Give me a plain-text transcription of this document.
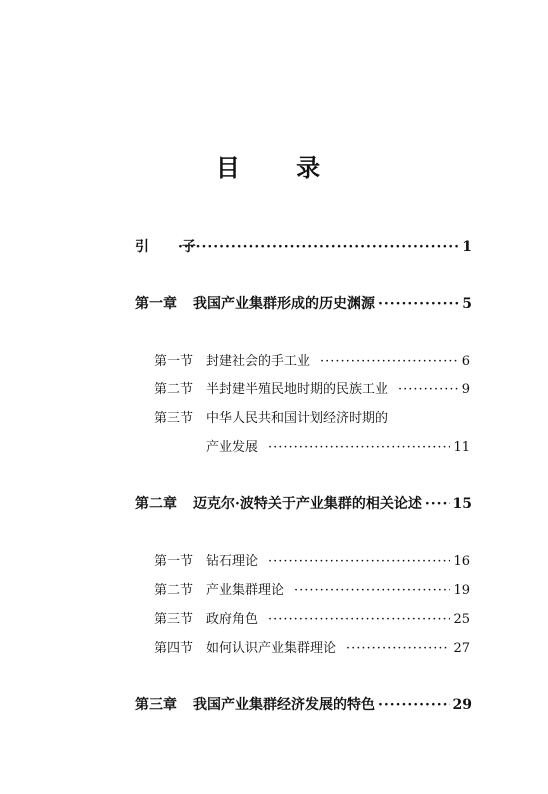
目 录
引 子 ·····	1
第一章	我国产业集群形成的历史渊源 ·····	5
第一节 封建社会的手工业 ·····	6
第二节 半封建半殖民地时期的民族工业 ·····	9
第三节 中华人民共和国计划经济时期的
产业发展 ·····	11
第二章	迈克尔·波特关于产业集群的相关论述 ····· 15
第一节 钻石理论 ·····	16
第二节 产业集群理论 ·····	19
第三节 政府角色 ·····	25
第四节 如何认识产业集群理论 ·····	27
第三章	我国产业集群经济发展的特色 ·····	29
